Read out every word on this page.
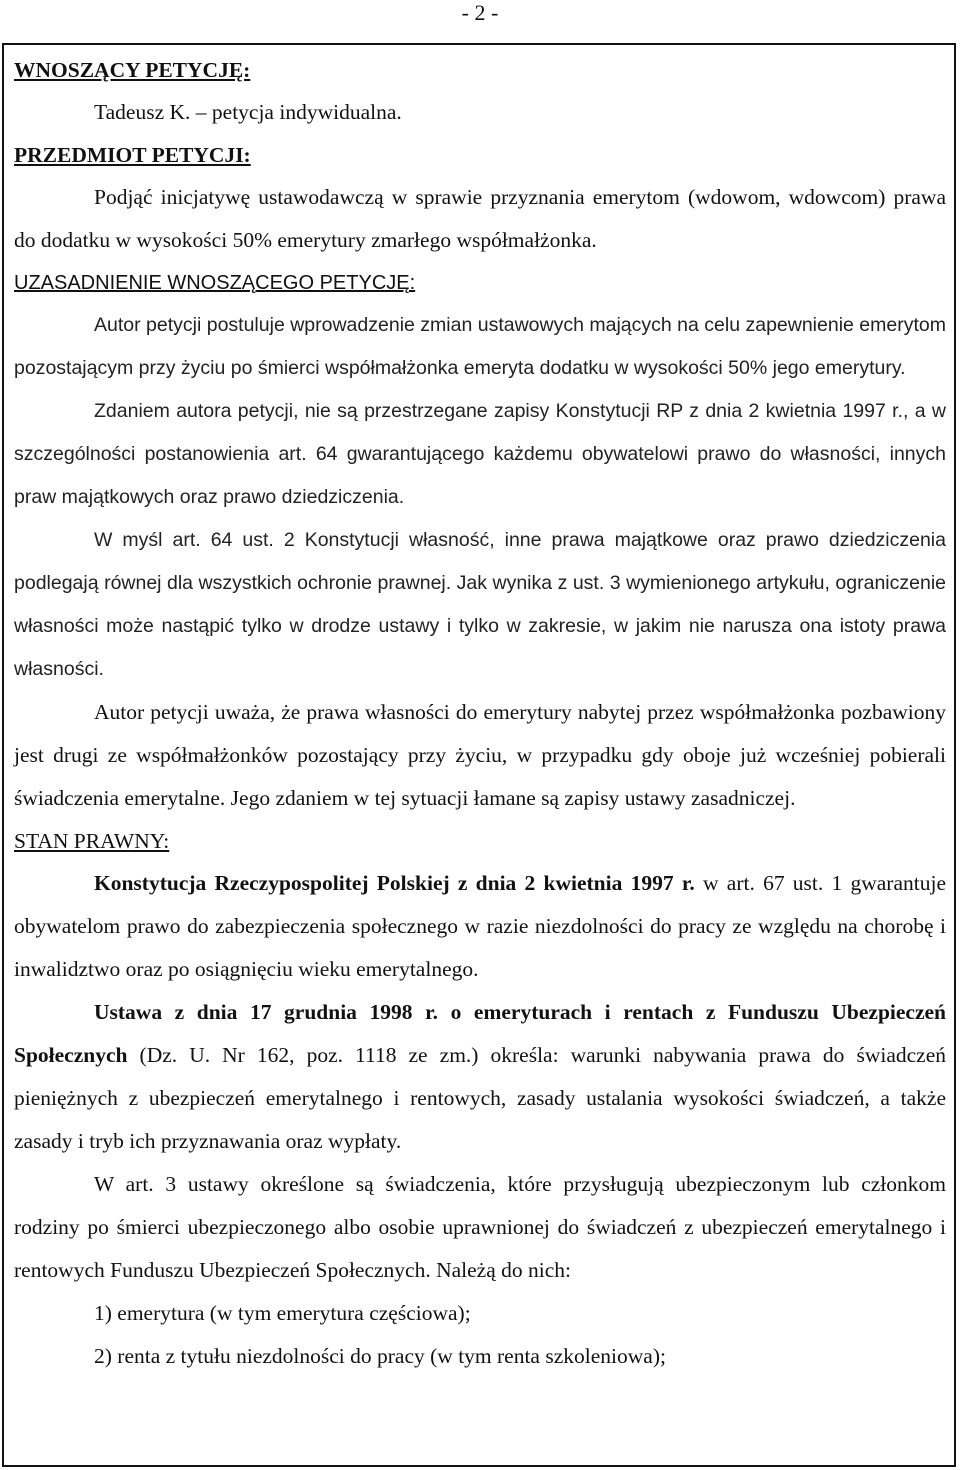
- 2 -
WNOSZĄCY PETYCJĘ:
Tadeusz K. – petycja indywidualna.
PRZEDMIOT PETYCJI:
Podjąć inicjatywę ustawodawczą w sprawie przyznania emerytom (wdowom, wdowcom) prawa do dodatku w wysokości 50% emerytury zmarłego współmałżonka.
UZASADNIENIE WNOSZĄCEGO PETYCJĘ:
Autor petycji postuluje wprowadzenie zmian ustawowych mających na celu zapewnienie emerytom pozostającym przy życiu po śmierci współmałżonka emeryta dodatku w wysokości 50% jego emerytury.
Zdaniem autora petycji, nie są przestrzegane zapisy Konstytucji RP z dnia 2 kwietnia 1997 r., a w szczególności postanowienia art. 64 gwarantującego każdemu obywatelowi prawo do własności, innych praw majątkowych oraz prawo dziedziczenia.
W myśl art. 64 ust. 2 Konstytucji własność, inne prawa majątkowe oraz prawo dziedziczenia podlegają równej dla wszystkich ochronie prawnej. Jak wynika z ust. 3 wymienionego artykułu, ograniczenie własności może nastąpić tylko w drodze ustawy i tylko w zakresie, w jakim nie narusza ona istoty prawa własności.
Autor petycji uważa, że prawa własności do emerytury nabytej przez współmałżonka pozbawiony jest drugi ze współmałżonków pozostający przy życiu, w przypadku gdy oboje już wcześniej pobierali świadczenia emerytalne. Jego zdaniem w tej sytuacji łamane są zapisy ustawy zasadniczej.
STAN PRAWNY:
Konstytucja Rzeczypospolitej Polskiej z dnia 2 kwietnia 1997 r. w art. 67 ust. 1 gwarantuje obywatelom prawo do zabezpieczenia społecznego w razie niezdolności do pracy ze względu na chorobę i inwalidztwo oraz po osiągnięciu wieku emerytalnego.
Ustawa z dnia 17 grudnia 1998 r. o emeryturach i rentach z Funduszu Ubezpieczeń Społecznych (Dz. U. Nr 162, poz. 1118 ze zm.) określa: warunki nabywania prawa do świadczeń pieniężnych z ubezpieczeń emerytalnego i rentowych, zasady ustalania wysokości świadczeń, a także zasady i tryb ich przyznawania oraz wypłaty.
W art. 3 ustawy określone są świadczenia, które przysługują ubezpieczonym lub członkom rodziny po śmierci ubezpieczonego albo osobie uprawnionej do świadczeń z ubezpieczeń emerytalnego i rentowych Funduszu Ubezpieczeń Społecznych. Należą do nich:
1) emerytura (w tym emerytura częściowa);
2) renta z tytułu niezdolności do pracy (w tym renta szkoleniowa);
